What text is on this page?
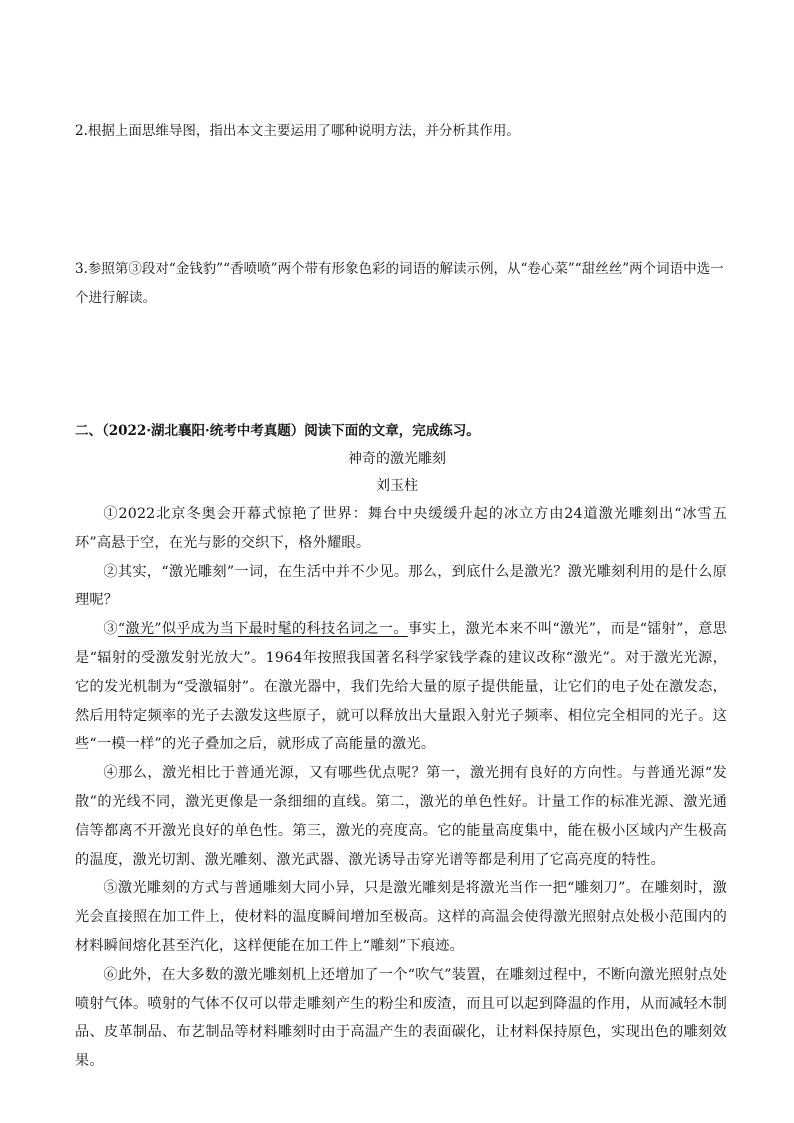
2.根据上面思维导图，指出本文主要运用了哪种说明方法，并分析其作用。

3.参照第③段对“金钱豹”“香喷喷”两个带有形象色彩的词语的解读示例，从“卷心菜”“甜丝丝”两个词语中选一个进行解读。

二、（2022·湖北襄阳·统考中考真题）阅读下面的文章，完成练习。

神奇的激光雕刻

刘玉柱

①2022北京冬奥会开幕式惊艳了世界：舞台中央缓缓升起的冰立方由24道激光雕刻出“冰雪五环”高悬于空，在光与影的交织下，格外耀眼。

②其实，“激光雕刻”一词，在生活中并不少见。那么，到底什么是激光？激光雕刻利用的是什么原理呢？

③“激光”似乎成为当下最时髦的科技名词之一。事实上，激光本来不叫“激光”，而是“镭射”，意思是“辐射的受激发射光放大”。1964年按照我国著名科学家钱学森的建议改称“激光”。对于激光光源，它的发光机制为“受激辐射”。在激光器中，我们先给大量的原子提供能量，让它们的电子处在激发态，然后用特定频率的光子去激发这些原子，就可以释放出大量跟入射光子频率、相位完全相同的光子。这些“一模一样”的光子叠加之后，就形成了高能量的激光。

④那么，激光相比于普通光源，又有哪些优点呢？第一，激光拥有良好的方向性。与普通光源“发散”的光线不同，激光更像是一条细细的直线。第二，激光的单色性好。计量工作的标准光源、激光通信等都离不开激光良好的单色性。第三，激光的亮度高。它的能量高度集中，能在极小区域内产生极高的温度，激光切割、激光雕刻、激光武器、激光诱导击穿光谱等都是利用了它高亮度的特性。

⑤激光雕刻的方式与普通雕刻大同小异，只是激光雕刻是将激光当作一把“雕刻刀”。在雕刻时，激光会直接照在加工件上，使材料的温度瞬间增加至极高。这样的高温会使得激光照射点处极小范围内的材料瞬间熔化甚至汽化，这样便能在加工件上“雕刻”下痕迹。

⑥此外，在大多数的激光雕刻机上还增加了一个“吹气”装置，在雕刻过程中，不断向激光照射点处喷射气体。喷射的气体不仅可以带走雕刻产生的粉尘和废渣，而且可以起到降温的作用，从而减轻木制品、皮革制品、布艺制品等材料雕刻时由于高温产生的表面碳化，让材料保持原色，实现出色的雕刻效果。
